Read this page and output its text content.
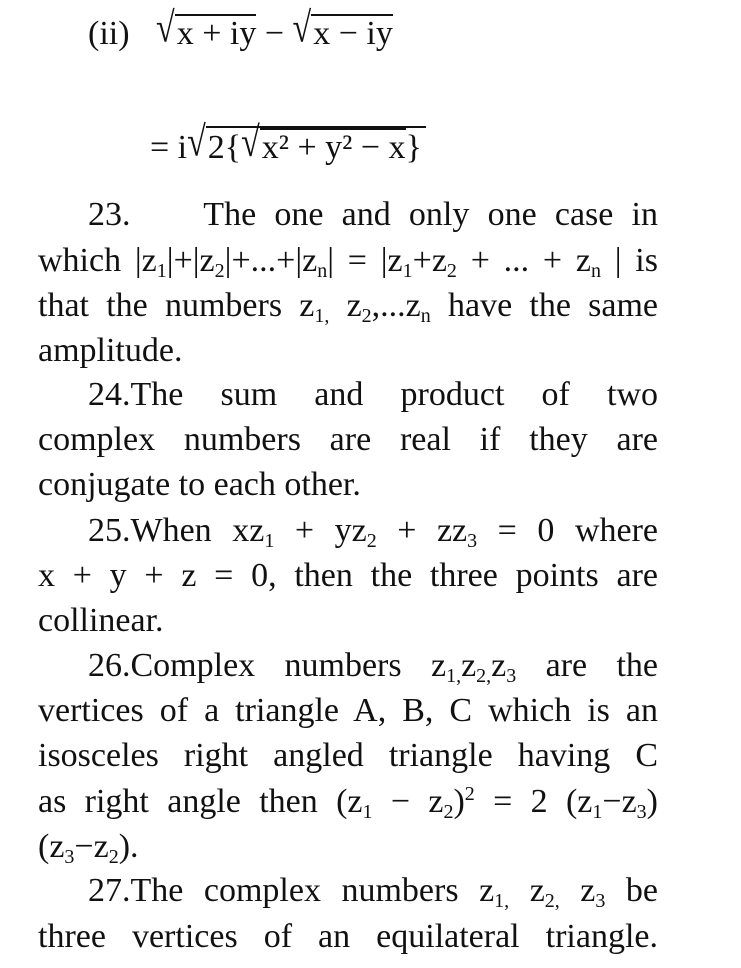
(ii) √x + iy − √x − iy
= i√2{√x² + y² − x}
23. The one and only one case in
which $|z_1|+|z_2|+...+|z_n| = |z_1+z_2$ + ... + $z_n$ | is
that the numbers $z_{1,}$ $z_2,...z_n$ have the same
amplitude.
24.The sum and product of two
complex numbers are real if they are
conjugate to each other.
25.When $xz_1 + yz_2 + zz_3 = 0$ where
x + y + z = 0, then the three points are
collinear.
26.Complex numbers $z_{1,}z_{2,}z_3$ are the
vertices of a triangle A, B, C which is an
isosceles right angled triangle having C
as right angle then $(z_1 - z_2)^2 = 2$ $(z_1-z_3)$
$(z_3-z_2)$.
27.The complex numbers $z_{1,}$ $z_{2,}$ $z_3$ be
three vertices of an equilateral triangle.
